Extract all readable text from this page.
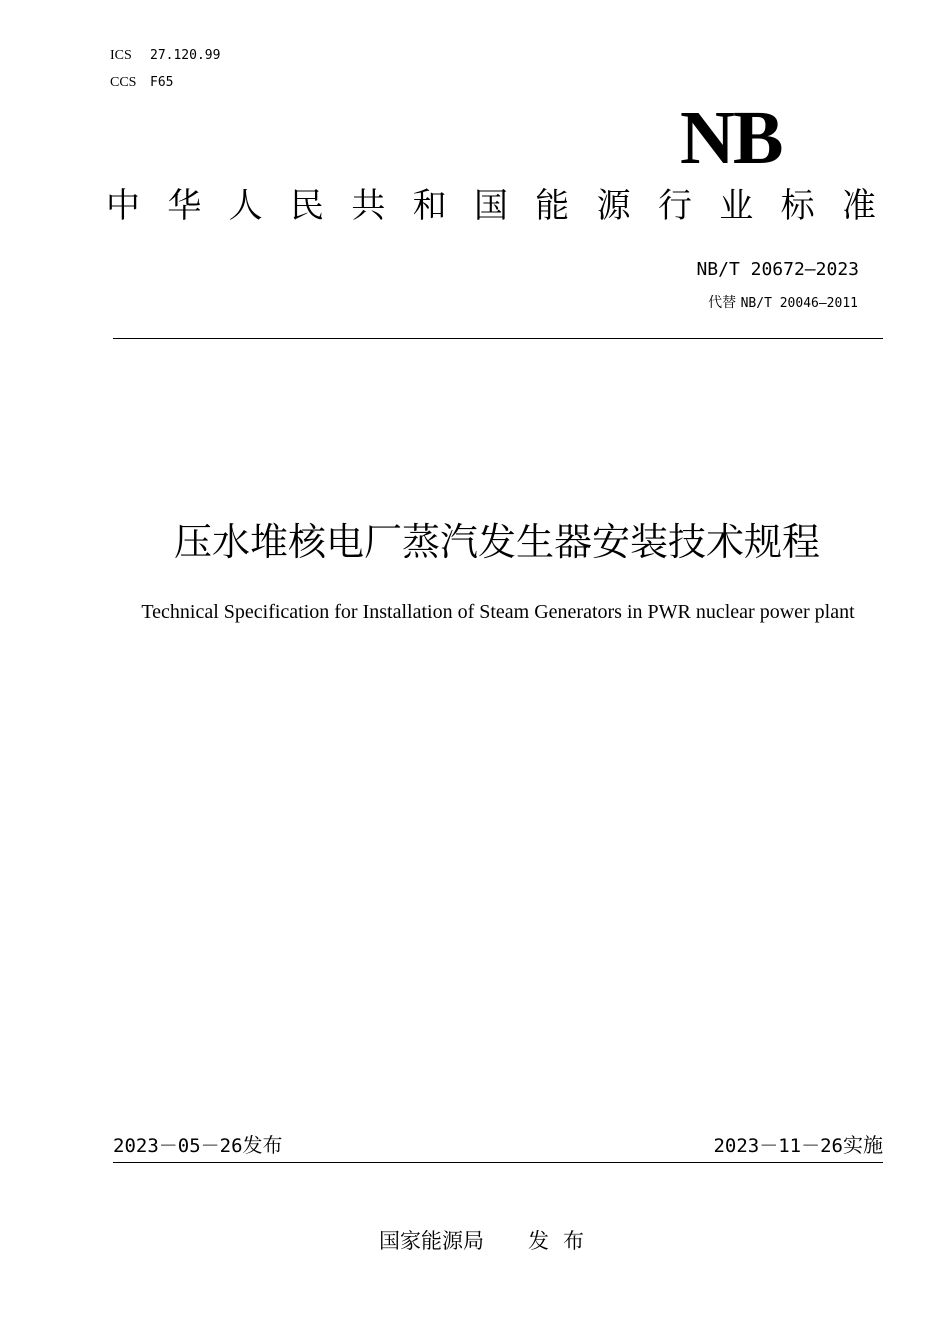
ICS 27.120.99
CCS F65
NB
中 华 人 民 共 和 国 能 源 行 业 标 准
NB/T 20672—2023
代替 NB/T 20046—2011
压水堆核电厂蒸汽发生器安装技术规程
Technical Specification for Installation of Steam Generators in PWR nuclear power plant
2023－05－26发布	2023－11－26实施
国家能源局 发布
